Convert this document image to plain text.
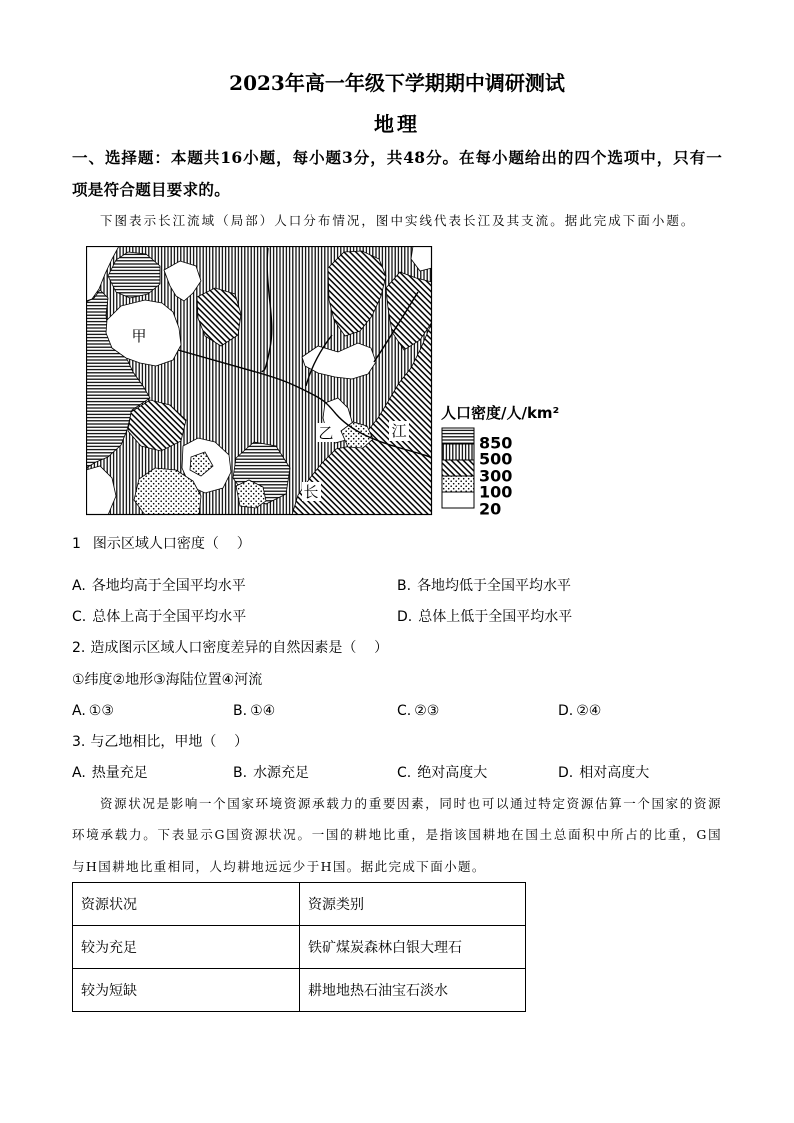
2023年高一年级下学期期中调研测试
地理
一、选择题：本题共16小题，每小题3分，共48分。在每小题给出的四个选项中，只有一
项是符合题目要求的。
下图表示长江流域（局部）人口分布情况，图中实线代表长江及其支流。据此完成下面小题。
甲
乙	江
长
人口密度/人/km²
850
500
300
100
20
1 图示区域人口密度（    ）
A. 各地均高于全国平均水平	B. 各地均低于全国平均水平
C. 总体上高于全国平均水平	D. 总体上低于全国平均水平
2. 造成图示区域人口密度差异的自然因素是（    ）
①纬度②地形③海陆位置④河流
A. ①③	B. ①④	C. ②③	D. ②④
3. 与乙地相比，甲地（    ）
A. 热量充足	B. 水源充足	C. 绝对高度大	D. 相对高度大
资源状况是影响一个国家环境资源承载力的重要因素，同时也可以通过特定资源估算一个国家的资源
环境承载力。下表显示G国资源状况。一国的耕地比重，是指该国耕地在国土总面积中所占的比重，G国
与H国耕地比重相同，人均耕地远远少于H国。据此完成下面小题。
资源状况	资源类别
较为充足	铁矿煤炭森林白银大理石
较为短缺	耕地地热石油宝石淡水
